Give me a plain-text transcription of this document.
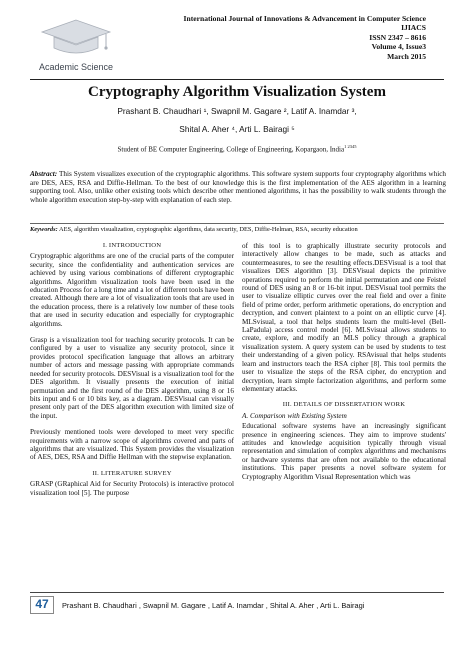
Academic Science
International Journal of Innovations & Advancement in Computer Science
IJIACS
ISSN 2347 – 8616
Volume 4, Issue3
March 2015
Cryptography Algorithm Visualization System
Prashant B. Chaudhari ¹, Swapnil M. Gagare ², Latif A. Inamdar ³,
Shital A. Aher ⁴, Arti L. Bairagi ⁵
Student of BE Computer Engineering, College of Engineering, Kopargaon, India$^{1 2345}$
Abstract: This System visualizes execution of the cryptographic algorithms. This software system supports four cryptography algorithms which are DES, AES, RSA and Diffie-Hellman. To the best of our knowledge this is the first implementation of the AES algorithm in a learning supporting tool. Also, unlike other existing tools which describe other mentioned algorithms, it has the possibility to walk students through the whole algorithm execution step-by-step with explanation of each step.
Keywords: AES, algorithm visualization, cryptographic algorithms, data security, DES, Diffie-Helman, RSA, security education
I. INTRODUCTION

Cryptographic algorithms are one of the crucial parts of the computer security, since the confidentiality and authentication services are achieved by using various combinations of different cryptographic algorithms. Algorithm visualization tools have been used in the education Process for a long time and a lot of different tools have been created. Although there are a lot of visualization tools that are used in the education process, there is a relatively low number of these tools that are used in security education and especially for cryptographic algorithms.

Grasp is a visualization tool for teaching security protocols. It can be configured by a user to visualize any security protocol, since it provides protocol specification language that allows an arbitrary number of actors and message passing with appropriate commands needed for security protocols. DESVisual is a visualization tool for the DES algorithm. It visually presents the execution of initial permutation and the first round of the DES algorithm, using 8 or 16 bits input and 6 or 10 bits key, as a diagram. DESVisual can visually present only part of the DES algorithm execution with limited size of the input.

Previously mentioned tools were developed to meet very specific requirements with a narrow scope of algorithms covered and parts of algorithms that are visualized. This System provides the visualization of AES, DES, RSA and Diffie Hellman with the stepwise explanation.

II. LITERATURE SURVEY

GRASP (GRaphical Aid for Security Protocols) is interactive protocol visualization tool [5]. The purpose

of this tool is to graphically illustrate security protocols and interactively allow changes to be made, such as attacks and countermeasures, to see the resulting effects.DESVisual is a tool that visualizes DES algorithm [3]. DESVisual depicts the primitive operations required to perform the initial permutation and one Feistel round of DES using an 8 or 16-bit input. DESVisual tool permits the user to visualize elliptic curves over the real field and over a finite field of prime order, perform arithmetic operations, do encryption and decryption, and convert plaintext to a point on an elliptic curve [4]. MLSvisual, a tool that helps students learn the multi-level (Bell-LaPadula) access control model [6]. MLSvisual allows students to create, explore, and modify an MLS policy through a graphical visualization system. A query system can be used by students to test their understanding of a given policy. RSAvisual that helps students learn and instructors teach the RSA cipher [8]. This tool permits the user to visualize the steps of the RSA cipher, do encryption and decryption, learn simple factorization algorithms, and perform some elementary attacks.

III. DETAILS OF DISSERTATION WORK
A. Comparison with Existing System

Educational software systems have an increasingly significant presence in engineering sciences. They aim to improve students' attitudes and knowledge acquisition typically through visual representation and simulation of complex algorithms and mechanisms or hardware systems that are often not available to the educational institutions. This paper presents a novel software system for Cryptography Algorithm Visual Representation which was

47	Prashant B. Chaudhari , Swapnil M. Gagare , Latif A. Inamdar , Shital A. Aher , Arti L. Bairagi
